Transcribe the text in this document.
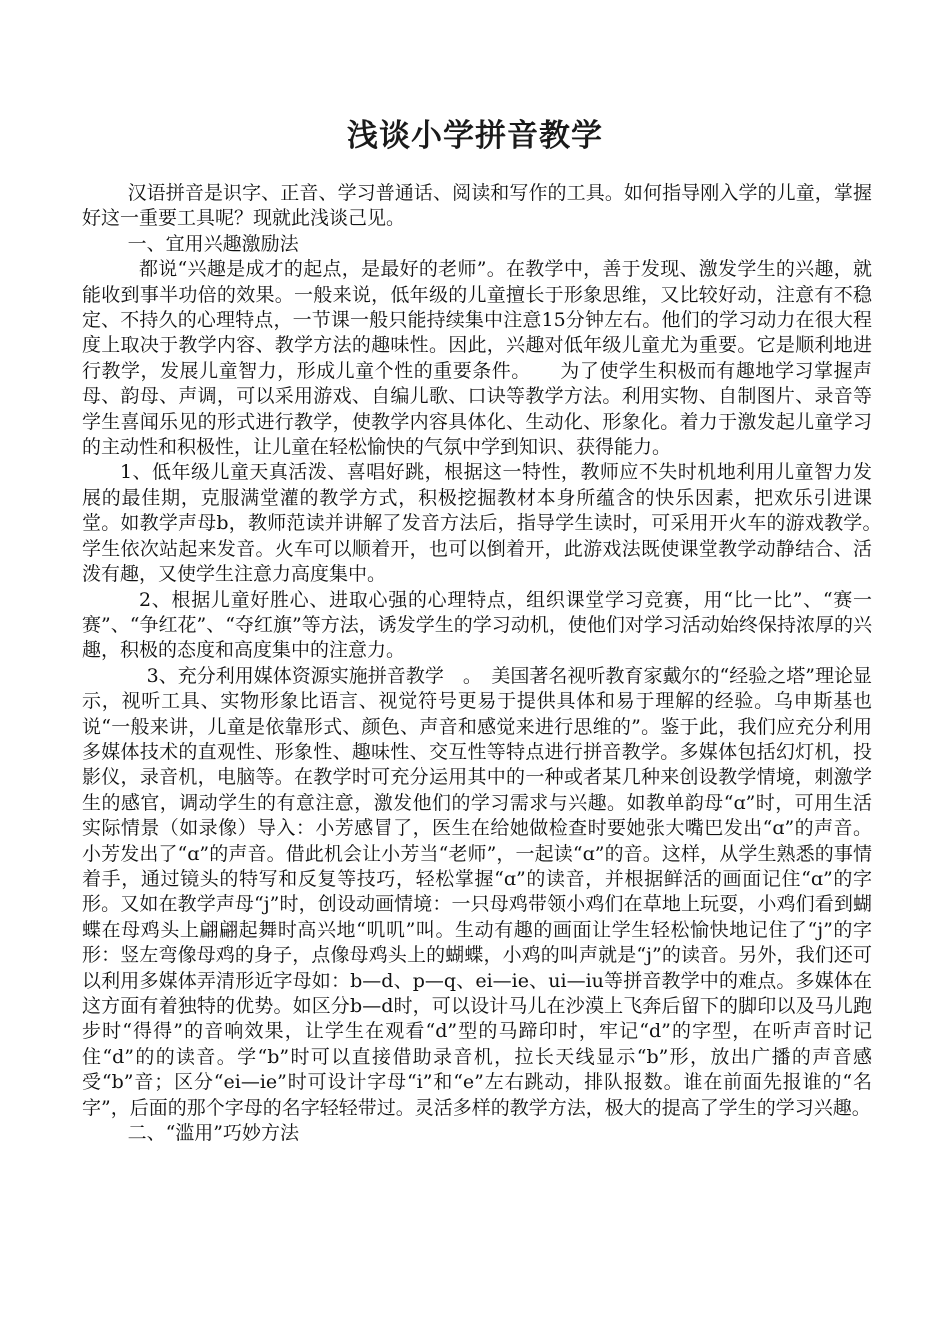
浅谈小学拼音教学

汉语拼音是识字、正音、学习普通话、阅读和写作的工具。如何指导刚入学的儿童，掌握好这一重要工具呢？现就此浅谈己见。

一、宜用兴趣激励法

都说“兴趣是成才的起点，是最好的老师”。在教学中，善于发现、激发学生的兴趣，就能收到事半功倍的效果。一般来说，低年级的儿童擅长于形象思维，又比较好动，注意有不稳定、不持久的心理特点，一节课一般只能持续集中注意15分钟左右。他们的学习动力在很大程度上取决于教学内容、教学方法的趣味性。因此，兴趣对低年级儿童尤为重要。它是顺利地进行教学，发展儿童智力，形成儿童个性的重要条件。　　为了使学生积极而有趣地学习掌握声母、韵母、声调，可以采用游戏、自编儿歌、口诀等教学方法。利用实物、自制图片、录音等学生喜闻乐见的形式进行教学，使教学内容具体化、生动化、形象化。着力于激发起儿童学习的主动性和积极性，让儿童在轻松愉快的气氛中学到知识、获得能力。

1、低年级儿童天真活泼、喜唱好跳，根据这一特性，教师应不失时机地利用儿童智力发展的最佳期，克服满堂灌的教学方式，积极挖掘教材本身所蕴含的快乐因素，把欢乐引进课堂。如教学声母b，教师范读并讲解了发音方法后，指导学生读时，可采用开火车的游戏教学。　　学生依次站起来发音。火车可以顺着开，也可以倒着开，此游戏法既使课堂教学动静结合、活泼有趣，又使学生注意力高度集中。

2、根据儿童好胜心、进取心强的心理特点，组织课堂学习竞赛，用“比一比”、“赛一赛”、“争红花”、“夺红旗”等方法，诱发学生的学习动机，使他们对学习活动始终保持浓厚的兴趣，积极的态度和高度集中的注意力。

3、充分利用媒体资源实施拼音教学　。　美国著名视听教育家戴尔的“经验之塔”理论显示，视听工具、实物形象比语言、视觉符号更易于提供具体和易于理解的经验。乌申斯基也说“一般来讲，儿童是依靠形式、颜色、声音和感觉来进行思维的”。鉴于此，我们应充分利用多媒体技术的直观性、形象性、趣味性、交互性等特点进行拼音教学。多媒体包括幻灯机，投影仪，录音机，电脑等。在教学时可充分运用其中的一种或者某几种来创设教学情境，刺激学生的感官，调动学生的有意注意，激发他们的学习需求与兴趣。如教单韵母“ɑ”时，可用生活实际情景（如录像）导入：小芳感冒了，医生在给她做检查时要她张大嘴巴发出“ɑ”的声音。小芳发出了“ɑ”的声音。借此机会让小芳当“老师”，一起读“ɑ”的音。这样，从学生熟悉的事情着手，通过镜头的特写和反复等技巧，轻松掌握“ɑ”的读音，并根据鲜活的画面记住“ɑ”的字形。又如在教学声母“j”时，创设动画情境：一只母鸡带领小鸡们在草地上玩耍，小鸡们看到蝴蝶在母鸡头上翩翩起舞时高兴地“叽叽”叫。生动有趣的画面让学生轻松愉快地记住了“j”的字形：竖左弯像母鸡的身子，点像母鸡头上的蝴蝶，小鸡的叫声就是“j”的读音。另外，我们还可以利用多媒体弄清形近字母如：b—d、p—q、ei—ie、ui—iu等拼音教学中的难点。多媒体在这方面有着独特的优势。如区分b—d时，可以设计马儿在沙漠上飞奔后留下的脚印以及马儿跑步时“得得”的音响效果，让学生在观看“d”型的马蹄印时，牢记“d”的字型，在听声音时记住“d”的的读音。学“b”时可以直接借助录音机，拉长天线显示“b”形，放出广播的声音感受“b”音；区分“ei—ie”时可设计字母“i”和“e”左右跳动，排队报数。谁在前面先报谁的“名字”，后面的那个字母的名字轻轻带过。灵活多样的教学方法，极大的提高了学生的学习兴趣。

二、“滥用”巧妙方法
